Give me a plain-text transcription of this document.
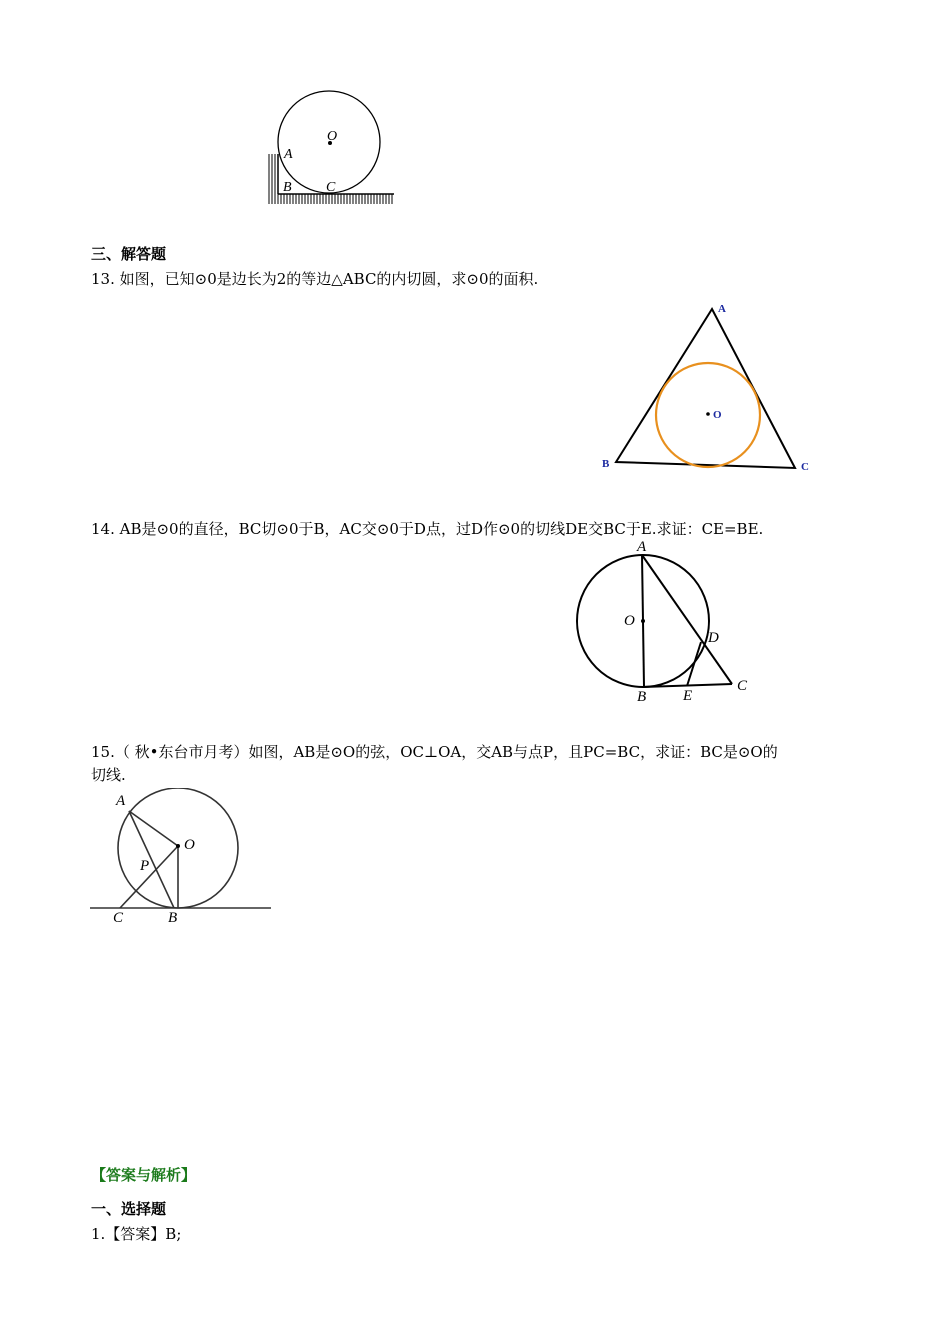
O
A
B C
三、解答题
13. 如图，已知⊙0是边长为2的等边△ABC的内切圆，求⊙0的面积.
A
B	C
O
14. AB是⊙0的直径，BC切⊙0于B，AC交⊙0于D点，过D作⊙0的切线DE交BC于E.求证：CE=BE.
A
O
D
B E
C
15.（ 秋•东台市月考）如图，AB是⊙O的弦，OC⊥OA，交AB与点P，且PC=BC，求证：BC是⊙O的
切线.
A
O
P
C	B
【答案与解析】
一、选择题
1.【答案】B;
